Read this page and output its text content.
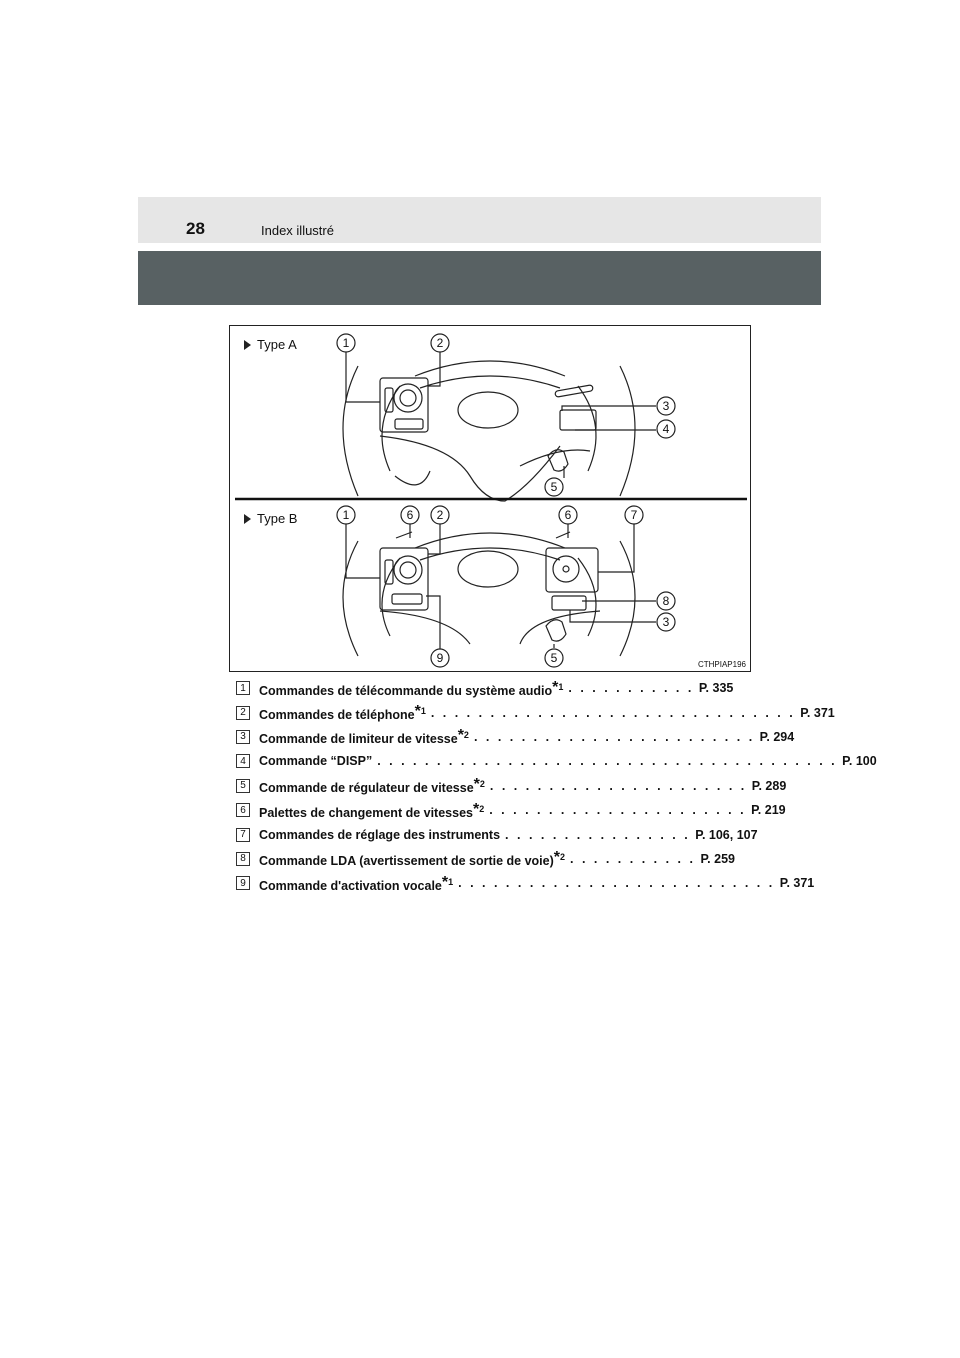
28	Index illustré
1	2
3
4
5
1	6 2	6	7
8
3
9	5
Type A
Type B
CTHPIAP196
1	Commandes de télécommande du système audio$^{*1}$ . . . . . . . . . . . P. 335
2	Commandes de téléphone$^{*1}$ . . . . . . . . . . . . . . . . . . . . . . . . . . . . . . . P. 371
3	Commande de limiteur de vitesse$^{*2}$ . . . . . . . . . . . . . . . . . . . . . . . . P. 294
4	Commande “DISP” . . . . . . . . . . . . . . . . . . . . . . . . . . . . . . . . . . . . . . . P. 100
5	Commande de régulateur de vitesse$^{*2}$ . . . . . . . . . . . . . . . . . . . . . . P. 289
6	Palettes de changement de vitesses$^{*2}$ . . . . . . . . . . . . . . . . . . . . . . P. 219
7	Commandes de réglage des instruments . . . . . . . . . . . . . . . . P. 106, 107
8	Commande LDA (avertissement de sortie de voie)$^{*2}$ . . . . . . . . . . . P. 259
9	Commande d'activation vocale$^{*1}$ . . . . . . . . . . . . . . . . . . . . . . . . . . . P. 371
